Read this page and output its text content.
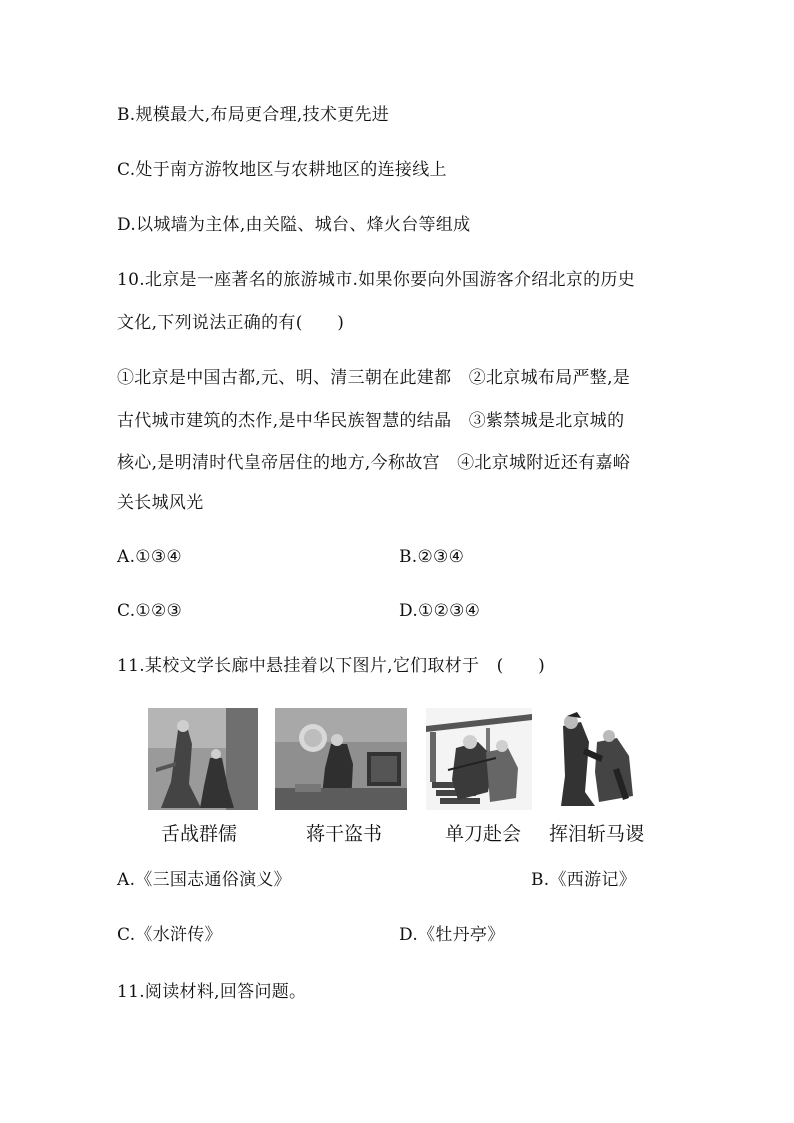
B.规模最大,布局更合理,技术更先进
C.处于南方游牧地区与农耕地区的连接线上
D.以城墙为主体,由关隘、城台、烽火台等组成
10.北京是一座著名的旅游城市.如果你要向外国游客介绍北京的历史
文化,下列说法正确的有(　　)
①北京是中国古都,元、明、清三朝在此建都　②北京城布局严整,是
古代城市建筑的杰作,是中华民族智慧的结晶　③紫禁城是北京城的
核心,是明清时代皇帝居住的地方,今称故宫　④北京城附近还有嘉峪
关长城风光
A.①③④	B.②③④
C.①②③	D.①②③④
11.某校文学长廊中悬挂着以下图片,它们取材于　(　　)
舌战群儒	蒋干盗书	单刀赴会 挥泪斩马谡
A.《三国志通俗演义》	B.《西游记》
C.《水浒传》	D.《牡丹亭》
11.阅读材料,回答问题。
